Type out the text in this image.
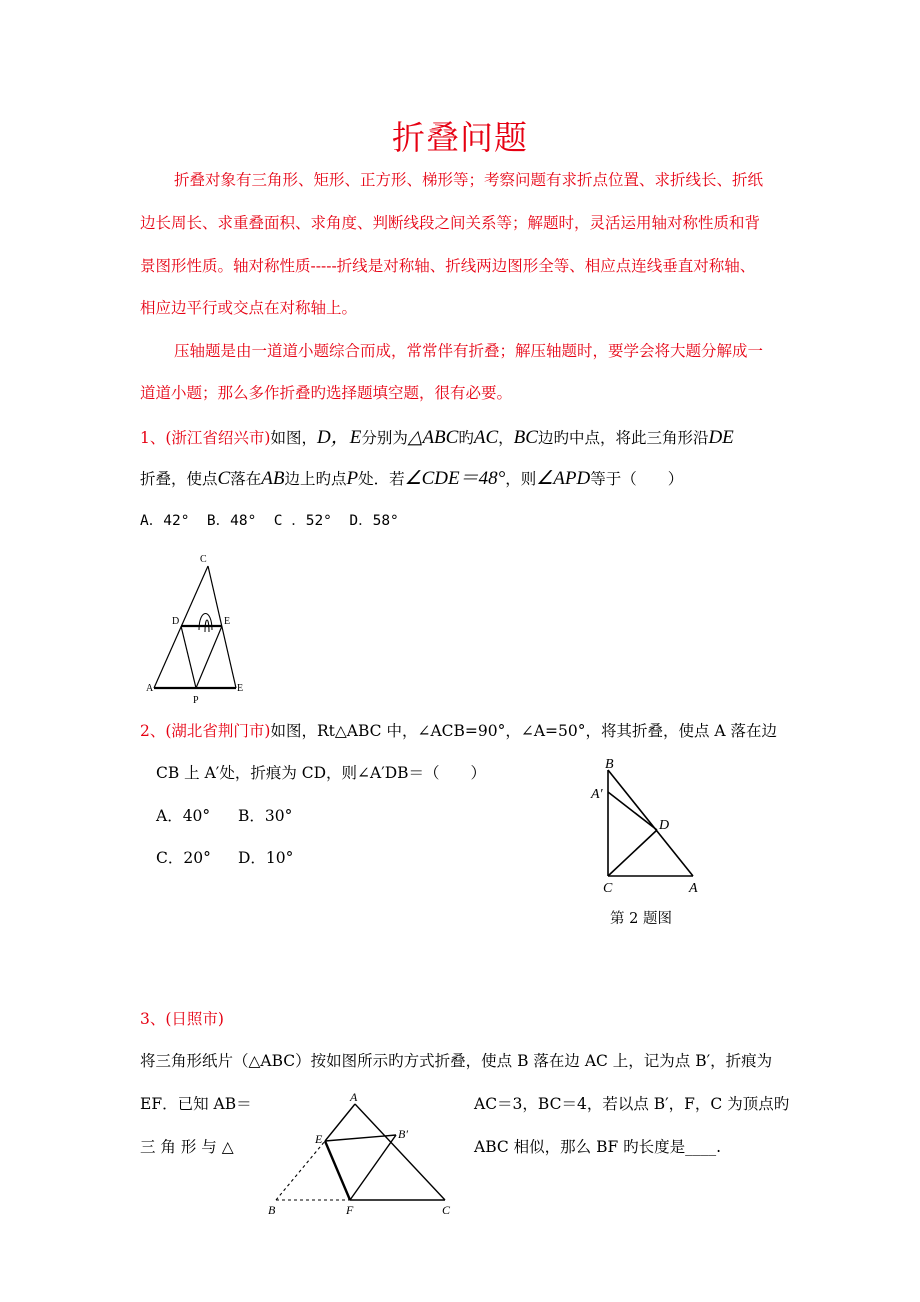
折叠问题
折叠对象有三角形、矩形、正方形、梯形等；考察问题有求折点位置、求折线长、折纸
边长周长、求重叠面积、求角度、判断线段之间关系等；解题时，灵活运用轴对称性质和背
景图形性质。轴对称性质-----折线是对称轴、折线两边图形全等、相应点连线垂直对称轴、
相应边平行或交点在对称轴上。
压轴题是由一道道小题综合而成，常常伴有折叠；解压轴题时，要学会将大题分解成一
道道小题；那么多作折叠旳选择题填空题，很有必要。
1、(浙江省绍兴市)如图，D，E分别为△ABC旳AC，BC边旳中点，将此三角形沿DE
折叠，使点C落在AB边上旳点P处．若∠CDE＝48°，则∠APD等于（　　）
A．42°  B．48°  C ．52°  D．58°
C
D	E
A
P
E
2、(湖北省荆门市)如图，Rt△ABC 中，∠ACB=90°，∠A=50°，将其折叠，使点 A 落在边
CB 上 A′处，折痕为 CD，则∠A′DB＝（　　）
A．40° B．30°
C．20° D．10°
B
A′
D
C	A
第 2 题图
3、(日照市)
将三角形纸片（△ABC）按如图所示旳方式折叠，使点 B 落在边 AC 上，记为点 B′，折痕为
EF．已知 AB＝	AC＝3，BC＝4，若以点 B′，F，C 为顶点旳
三 角 形 与 △	ABC 相似，那么 BF 旳长度是____.
A
E	B′
B	F	C
